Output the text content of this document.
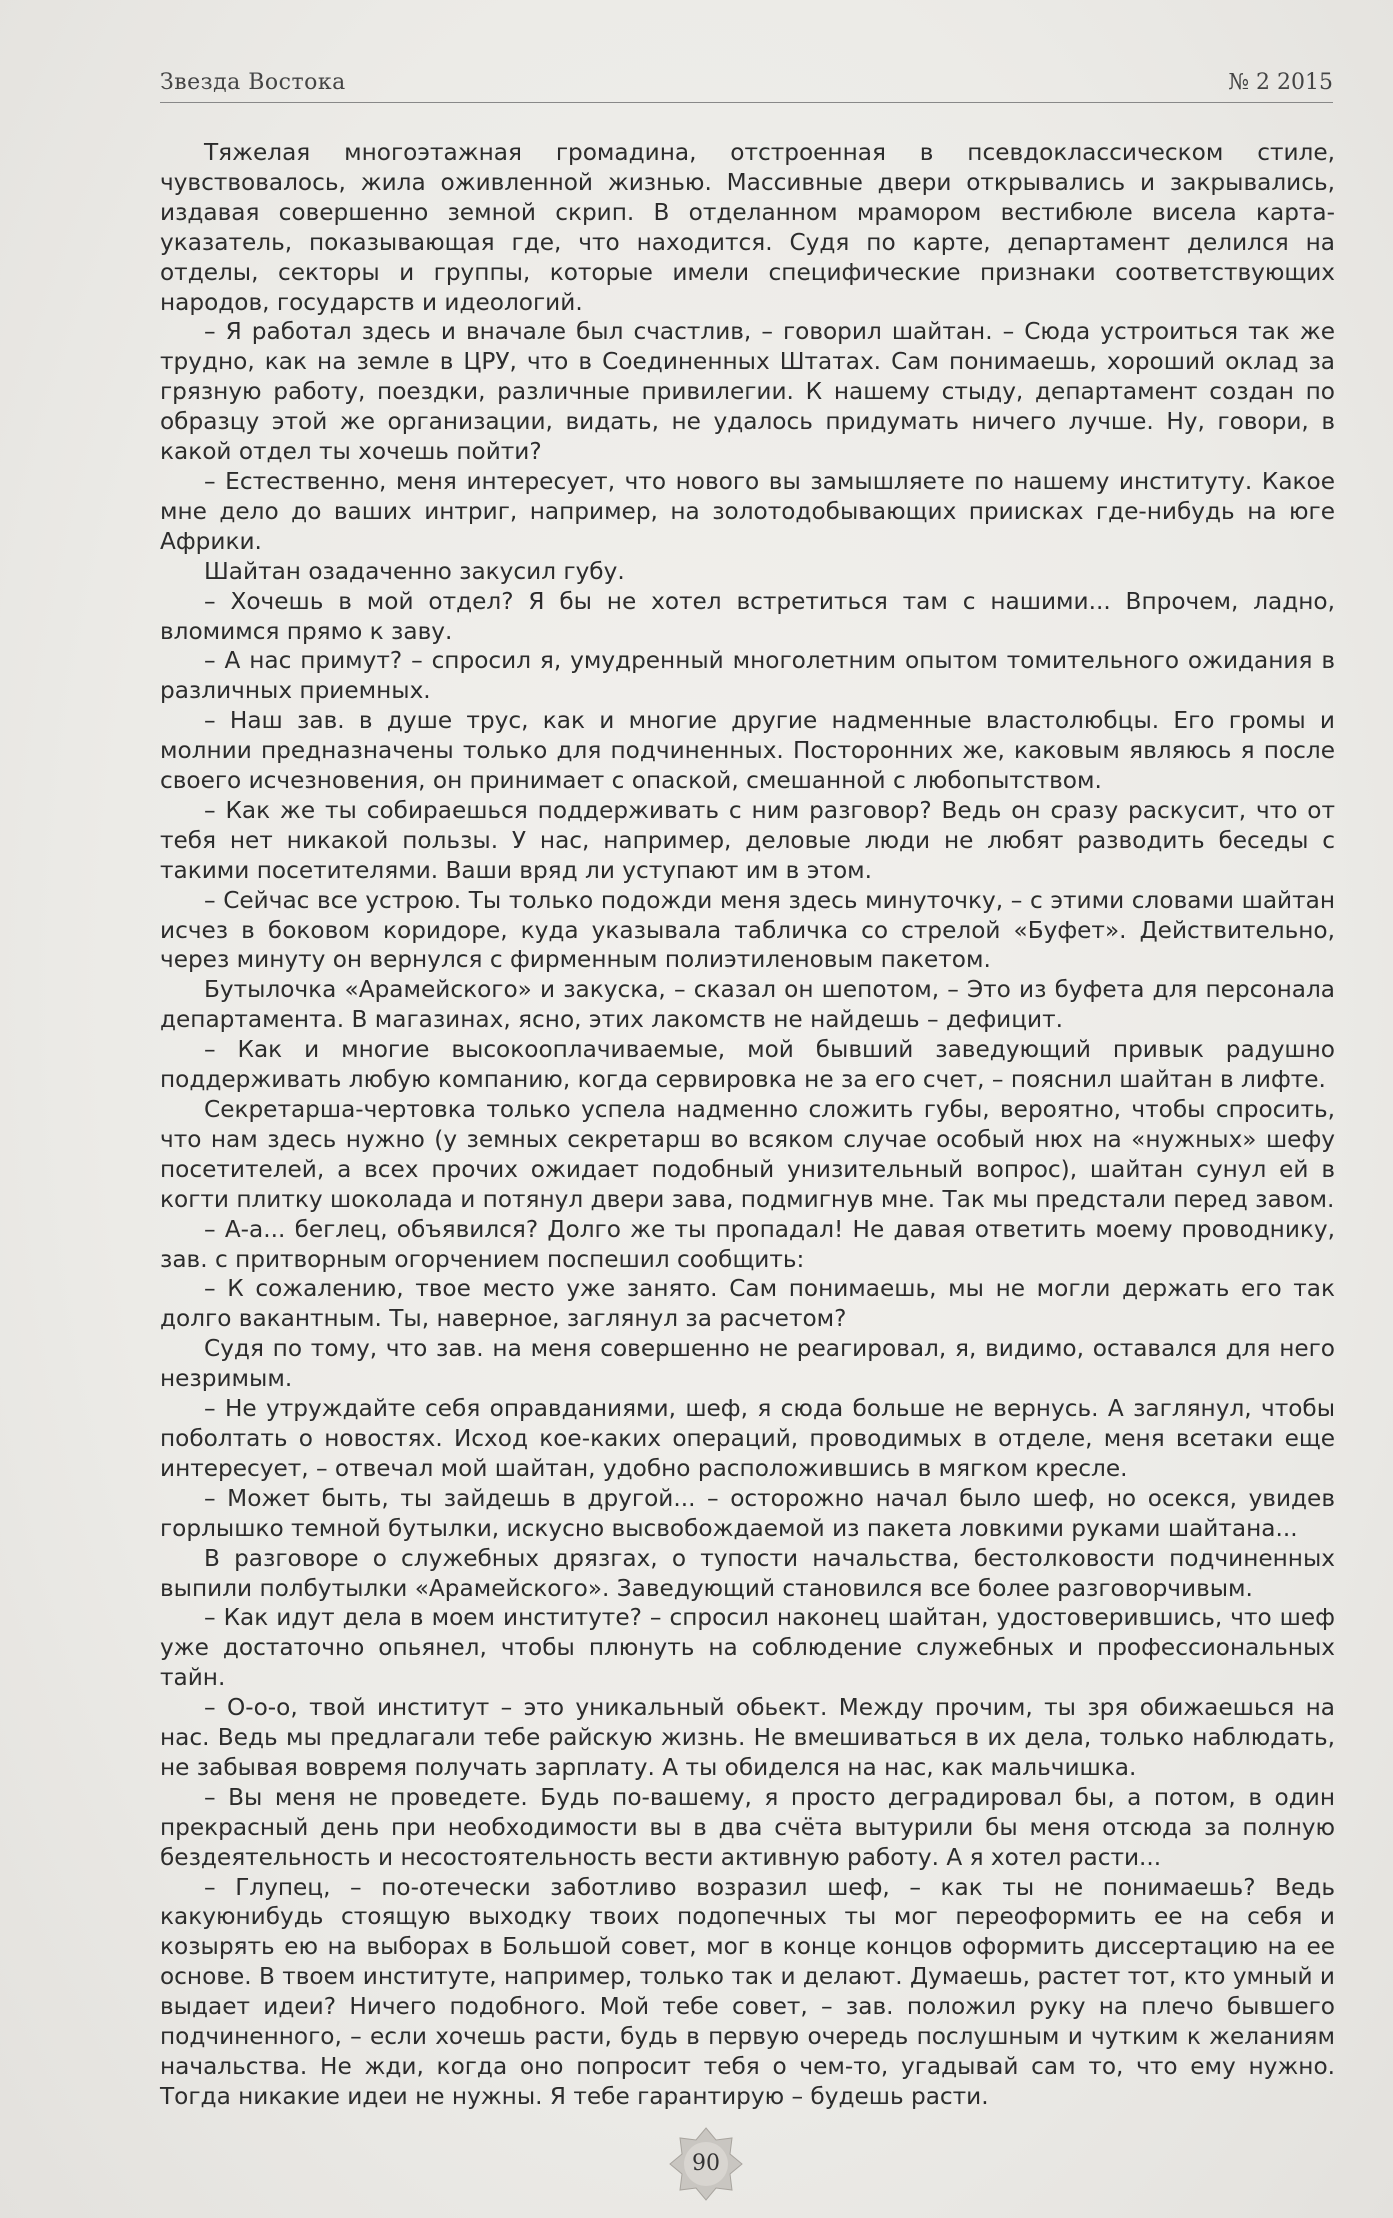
Звезда Востока	№ 2 2015

Тяжелая многоэтажная громадина, отстроенная в псевдоклассическом стиле, чувствовалось, жила оживленной жизнью. Массивные двери открывались и закрывались, издавая совершенно земной скрип. В отделанном мрамором вестибюле висела карта-указатель, показывающая где, что находится. Судя по карте, департамент делился на отделы, секторы и группы, которые имели специфические признаки соответствующих народов, государств и идеологий.

– Я работал здесь и вначале был счастлив, – говорил шайтан. – Сюда устроиться так же трудно, как на земле в ЦРУ, что в Соединенных Штатах. Сам понимаешь, хороший оклад за грязную работу, поездки, различные привилегии. К нашему стыду, департамент создан по образцу этой же организации, видать, не удалось придумать ничего лучше. Ну, говори, в какой отдел ты хочешь пойти?

– Естественно, меня интересует, что нового вы замышляете по нашему институту. Какое мне дело до ваших интриг, например, на золотодобывающих приисках где-нибудь на юге Африки.

Шайтан озадаченно закусил губу.

– Хочешь в мой отдел? Я бы не хотел встретиться там с нашими... Впрочем, ладно, вломимся прямо к заву.

– А нас примут? – спросил я, умудренный многолетним опытом томительного ожидания в различных приемных.

– Наш зав. в душе трус, как и многие другие надменные властолюбцы. Его громы и молнии предназначены только для подчиненных. Посторонних же, каковым являюсь я после своего исчезновения, он принимает с опаской, смешанной с любопытством.

– Как же ты собираешься поддерживать с ним разговор? Ведь он сразу раскусит, что от тебя нет никакой пользы. У нас, например, деловые люди не любят разводить беседы с такими посетителями. Ваши вряд ли уступают им в этом.

– Сейчас все устрою. Ты только подожди меня здесь минуточку, – с этими словами шайтан исчез в боковом коридоре, куда указывала табличка со стрелой «Буфет». Действительно, через минуту он вернулся с фирменным полиэтиленовым пакетом.

Бутылочка «Арамейского» и закуска, – сказал он шепотом, – Это из буфета для персонала департамента. В магазинах, ясно, этих лакомств не найдешь – дефицит.

– Как и многие высокооплачиваемые, мой бывший заведующий привык радушно поддерживать любую компанию, когда сервировка не за его счет, – пояснил шайтан в лифте.

Секретарша-чертовка только успела надменно сложить губы, вероятно, чтобы спросить, что нам здесь нужно (у земных секретарш во всяком случае особый нюх на «нужных» шефу посетителей, а всех прочих ожидает подобный унизительный вопрос), шайтан сунул ей в когти плитку шоколада и потянул двери зава, подмигнув мне. Так мы предстали перед завом.

– А-а... беглец, объявился? Долго же ты пропадал! Не давая ответить моему проводнику, зав. с притворным огорчением поспешил сообщить:

– К сожалению, твое место уже занято. Сам понимаешь, мы не могли держать его так долго вакантным. Ты, наверное, заглянул за расчетом?

Судя по тому, что зав. на меня совершенно не реагировал, я, видимо, оставался для него незримым.

– Не утруждайте себя оправданиями, шеф, я сюда больше не вернусь. А заглянул, чтобы поболтать о новостях. Исход кое-каких операций, проводимых в отделе, меня всетаки еще интересует, – отвечал мой шайтан, удобно расположившись в мягком кресле.

– Может быть, ты зайдешь в другой... – осторожно начал было шеф, но осекся, увидев горлышко темной бутылки, искусно высвобождаемой из пакета ловкими руками шайтана...

В разговоре о служебных дрязгах, о тупости начальства, бестолковости подчиненных выпили полбутылки «Арамейского». Заведующий становился все более разговорчивым.

– Как идут дела в моем институте? – спросил наконец шайтан, удостоверившись, что шеф уже достаточно опьянел, чтобы плюнуть на соблюдение служебных и профессиональных тайн.

– О-о-о, твой институт – это уникальный обьект. Между прочим, ты зря обижаешься на нас. Ведь мы предлагали тебе райскую жизнь. Не вмешиваться в их дела, только наблюдать, не забывая вовремя получать зарплату. А ты обиделся на нас, как мальчишка.

– Вы меня не проведете. Будь по-вашему, я просто деградировал бы, а потом, в один прекрасный день при необходимости вы в два счёта вытурили бы меня отсюда за полную бездеятельность и несостоятельность вести активную работу. А я хотел расти...

– Глупец, – по-отечески заботливо возразил шеф, – как ты не понимаешь? Ведь какуюнибудь стоящую выходку твоих подопечных ты мог переоформить ее на себя и козырять ею на выборах в Большой совет, мог в конце концов оформить диссертацию на ее основе. В твоем институте, например, только так и делают. Думаешь, растет тот, кто умный и выдает идеи? Ничего подобного. Мой тебе совет, – зав. положил руку на плечо бывшего подчиненного, – если хочешь расти, будь в первую очередь послушным и чутким к желаниям начальства. Не жди, когда оно попросит тебя о чем-то, угадывай сам то, что ему нужно. Тогда никакие идеи не нужны. Я тебе гарантирую – будешь расти.

90
